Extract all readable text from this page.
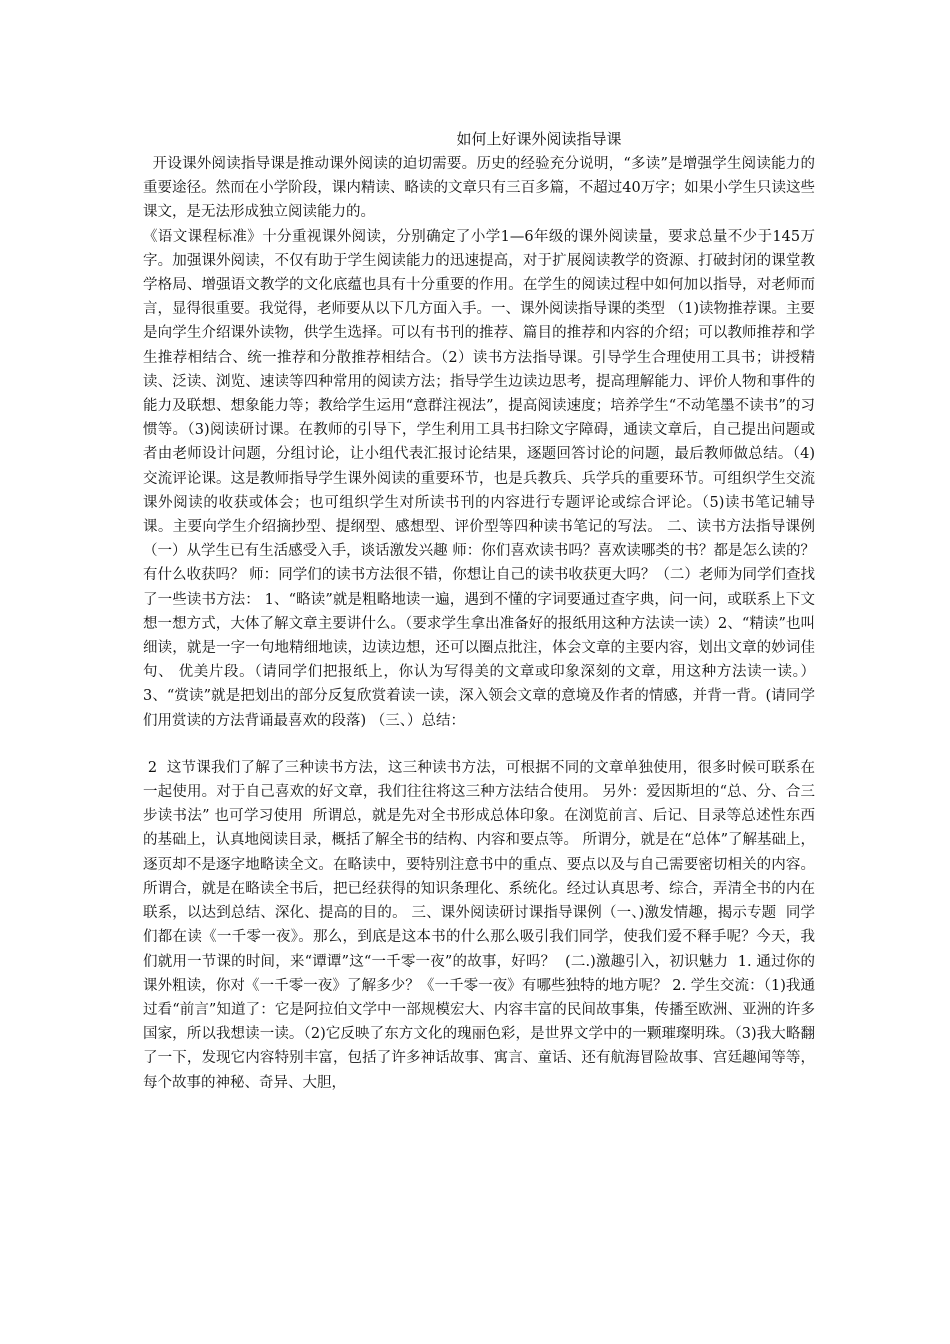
如何上好课外阅读指导课

开设课外阅读指导课是推动课外阅读的迫切需要。历史的经验充分说明，“多读”是增强学生阅读能力的重要途径。然而在小学阶段，课内精读、略读的文章只有三百多篇，不超过40万字；如果小学生只读这些课文，是无法形成独立阅读能力的。

《语文课程标准》十分重视课外阅读，分别确定了小学1—6年级的课外阅读量，要求总量不少于145万字。加强课外阅读，不仅有助于学生阅读能力的迅速提高，对于扩展阅读教学的资源、打破封闭的课堂教学格局、增强语文教学的文化底蕴也具有十分重要的作用。在学生的阅读过程中如何加以指导，对老师而言，显得很重要。我觉得，老师要从以下几方面入手。一、课外阅读指导课的类型 （1)读物推荐课。主要是向学生介绍课外读物，供学生选择。可以有书刊的推荐、篇目的推荐和内容的介绍；可以教师推荐和学生推荐相结合、统一推荐和分散推荐相结合。（2）读书方法指导课。引导学生合理使用工具书；讲授精读、泛读、浏览、速读等四种常用的阅读方法；指导学生边读边思考，提高理解能力、评价人物和事件的能力及联想、想象能力等；教给学生运用“意群注视法”，提高阅读速度；培养学生“不动笔墨不读书”的习惯等。（3)阅读研讨课。在教师的引导下，学生利用工具书扫除文字障碍，通读文章后，自己提出问题或者由老师设计问题，分组讨论，让小组代表汇报讨论结果，逐题回答讨论的问题，最后教师做总结。（4)交流评论课。这是教师指导学生课外阅读的重要环节，也是兵教兵、兵学兵的重要环节。可组织学生交流课外阅读的收获或体会；也可组织学生对所读书刊的内容进行专题评论或综合评论。（5)读书笔记辅导课。主要向学生介绍摘抄型、提纲型、感想型、评价型等四种读书笔记的写法。 二、读书方法指导课例 （一）从学生已有生活感受入手，谈话激发兴趣 师：你们喜欢读书吗？喜欢读哪类的书？都是怎么读的？有什么收获吗？ 师：同学们的读书方法很不错，你想让自己的读书收获更大吗？（二）老师为同学们查找了一些读书方法： 1、“略读”就是粗略地读一遍，遇到不懂的字词要通过查字典，问一问，或联系上下文想一想方式，大体了解文章主要讲什么。（要求学生拿出准备好的报纸用这种方法读一读）2、“精读”也叫细读，就是一字一句地精细地读，边读边想，还可以圈点批注，体会文章的主要内容，划出文章的妙词佳句、 优美片段。（请同学们把报纸上，你认为写得美的文章或印象深刻的文章，用这种方法读一读。）3、“赏读”就是把划出的部分反复欣赏着读一读，深入领会文章的意境及作者的情感，并背一背。(请同学们用赏读的方法背诵最喜欢的段落) （三、）总结：

2  这节课我们了解了三种读书方法，这三种读书方法，可根据不同的文章单独使用，很多时候可联系在一起使用。对于自己喜欢的好文章，我们往往将这三种方法结合使用。 另外：爱因斯坦的“总、分、合三步读书法” 也可学习使用  所谓总，就是先对全书形成总体印象。在浏览前言、后记、目录等总述性东西的基础上，认真地阅读目录，概括了解全书的结构、内容和要点等。 所谓分，就是在“总体”了解基础上，逐页却不是逐字地略读全文。在略读中，要特别注意书中的重点、要点以及与自己需要密切相关的内容。 所谓合，就是在略读全书后，把已经获得的知识条理化、系统化。经过认真思考、综合，弄清全书的内在联系，以达到总结、深化、提高的目的。 三、课外阅读研讨课指导课例（一、)激发情趣，揭示专题  同学们都在读《一千零一夜》。那么，到底是这本书的什么那么吸引我们同学，使我们爱不释手呢？今天，我们就用一节课的时间，来“谭谭”这“一千零一夜”的故事，好吗？  (二.)激趣引入，初识魅力  1. 通过你的课外粗读，你对《一千零一夜》了解多少？《一千零一夜》有哪些独特的地方呢？ 2. 学生交流：（1)我通过看“前言”知道了：它是阿拉伯文学中一部规模宏大、内容丰富的民间故事集，传播至欧洲、亚洲的许多国家，所以我想读一读。（2)它反映了东方文化的瑰丽色彩，是世界文学中的一颗璀璨明珠。（3)我大略翻了一下，发现它内容特别丰富，包括了许多神话故事、寓言、童话、还有航海冒险故事、宫廷趣闻等等，每个故事的神秘、奇异、大胆，
